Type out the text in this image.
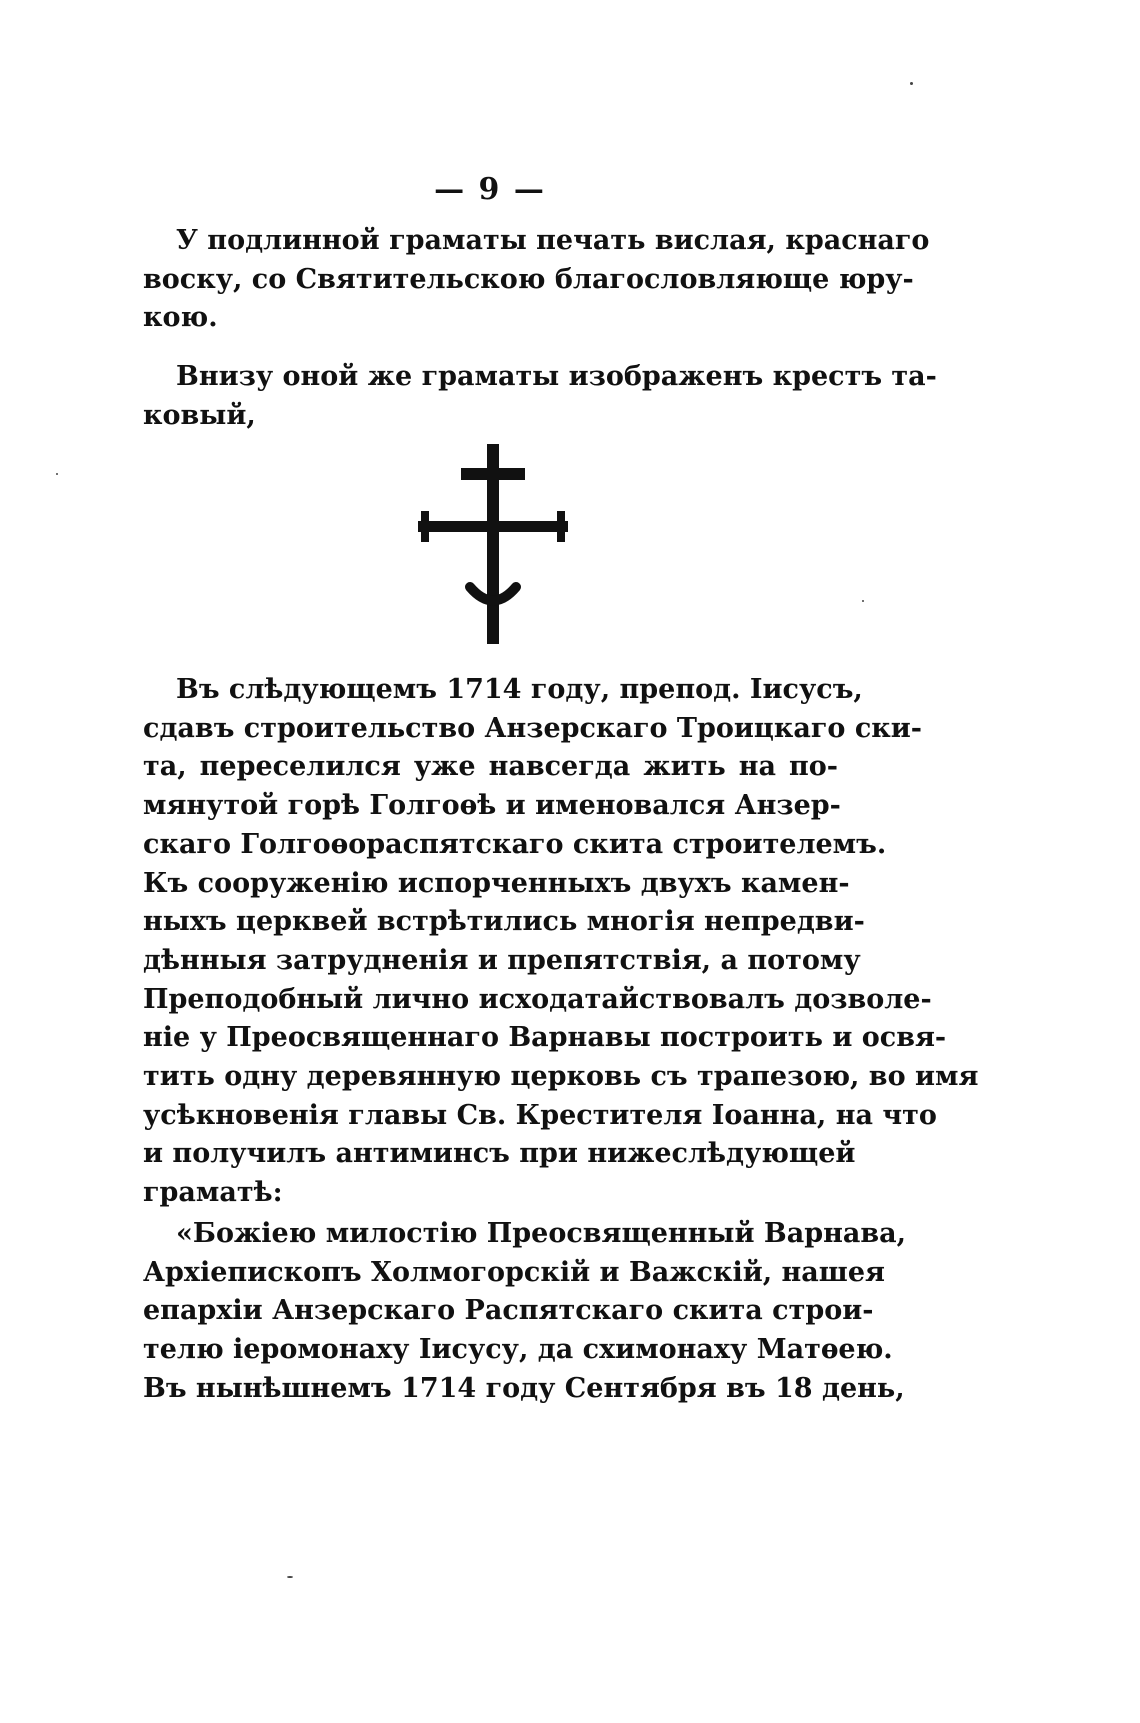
— 9 —
У подлинной граматы печать вислая, краснаго
воску, со Святительскою благословляюще юру-
кою.
Внизу оной же граматы изображенъ крестъ та-
ковый,
Въ слѣдующемъ 1714 году, препод. Іисусъ,
сдавъ строительство Анзерскаго Троицкаго ски-
та, переселился уже навсегда жить на по-
мянутой горѣ Голгоѳѣ и именовался Анзер-
скаго Голгоѳораспятскаго скита строителемъ.
Къ сооруженію испорченныхъ двухъ камен-
ныхъ церквей встрѣтились многія непредви-
дѣнныя затрудненія и препятствія, а потому
Преподобный лично исходатайствовалъ дозволе-
ніе у Преосвященнаго Варнавы построить и освя-
тить одну деревянную церковь съ трапезою, во имя
усѣкновенія главы Св. Крестителя Іоанна, на что
и получилъ антиминсъ при нижеслѣдующей
граматѣ:
«Божіею милостію Преосвященный Варнава,
Архіепископъ Холмогорскій и Важскій, нашея
епархіи Анзерскаго Распятскаго скита строи-
телю іеромонаху Іисусу, да схимонаху Матѳею.
Въ нынѣшнемъ 1714 году Сентября въ 18 день,
